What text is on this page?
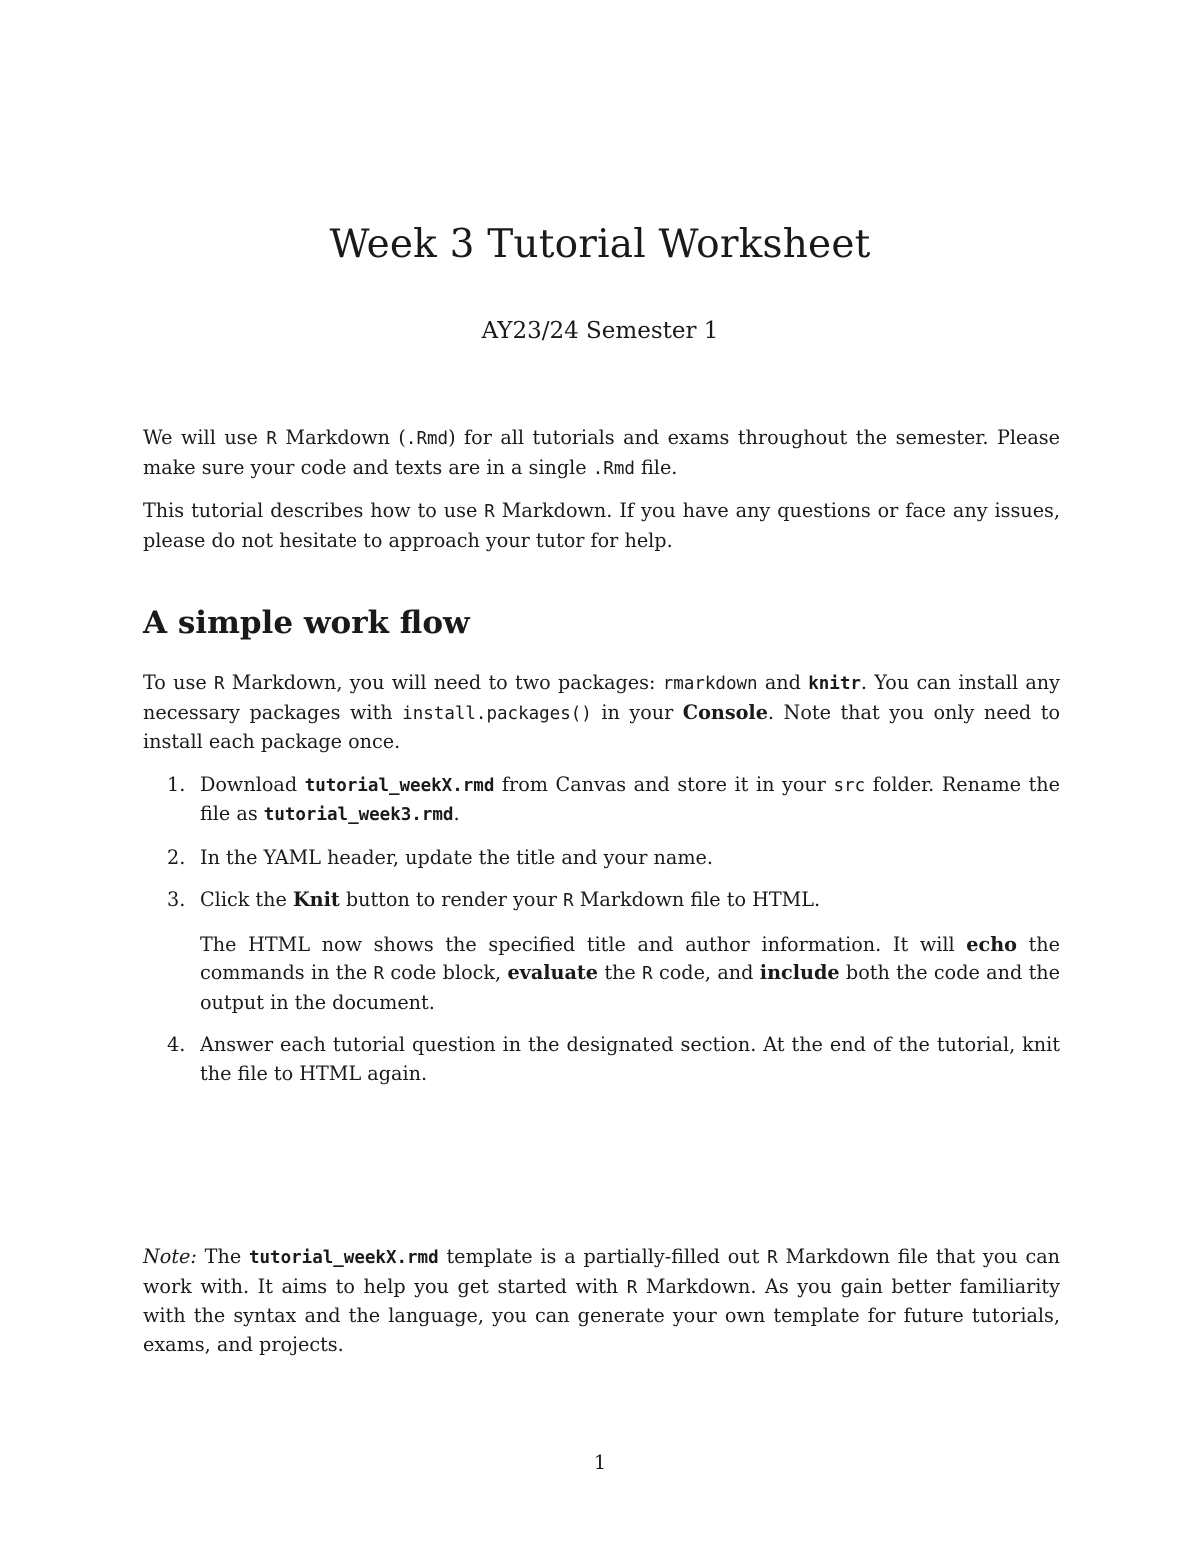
Week 3 Tutorial Worksheet
AY23/24 Semester 1

We will use R Markdown (.Rmd) for all tutorials and exams throughout the semester. Please make sure your code and texts are in a single .Rmd file.

This tutorial describes how to use R Markdown. If you have any questions or face any issues, please do not hesitate to approach your tutor for help.

A simple work flow

To use R Markdown, you will need to two packages: rmarkdown and knitr. You can install any necessary packages with install.packages() in your Console. Note that you only need to install each package once.

1. Download tutorial_weekX.rmd from Canvas and store it in your src folder. Rename the file as tutorial_week3.rmd.
2. In the YAML header, update the title and your name.
3. Click the Knit button to render your R Markdown file to HTML.
The HTML now shows the specified title and author information. It will echo the commands in the R code block, evaluate the R code, and include both the code and the output in the document.
4. Answer each tutorial question in the designated section. At the end of the tutorial, knit the file to HTML again.

Note: The tutorial_weekX.rmd template is a partially-filled out R Markdown file that you can work with. It aims to help you get started with R Markdown. As you gain better familiarity with the syntax and the language, you can generate your own template for future tutorials, exams, and projects.

1
